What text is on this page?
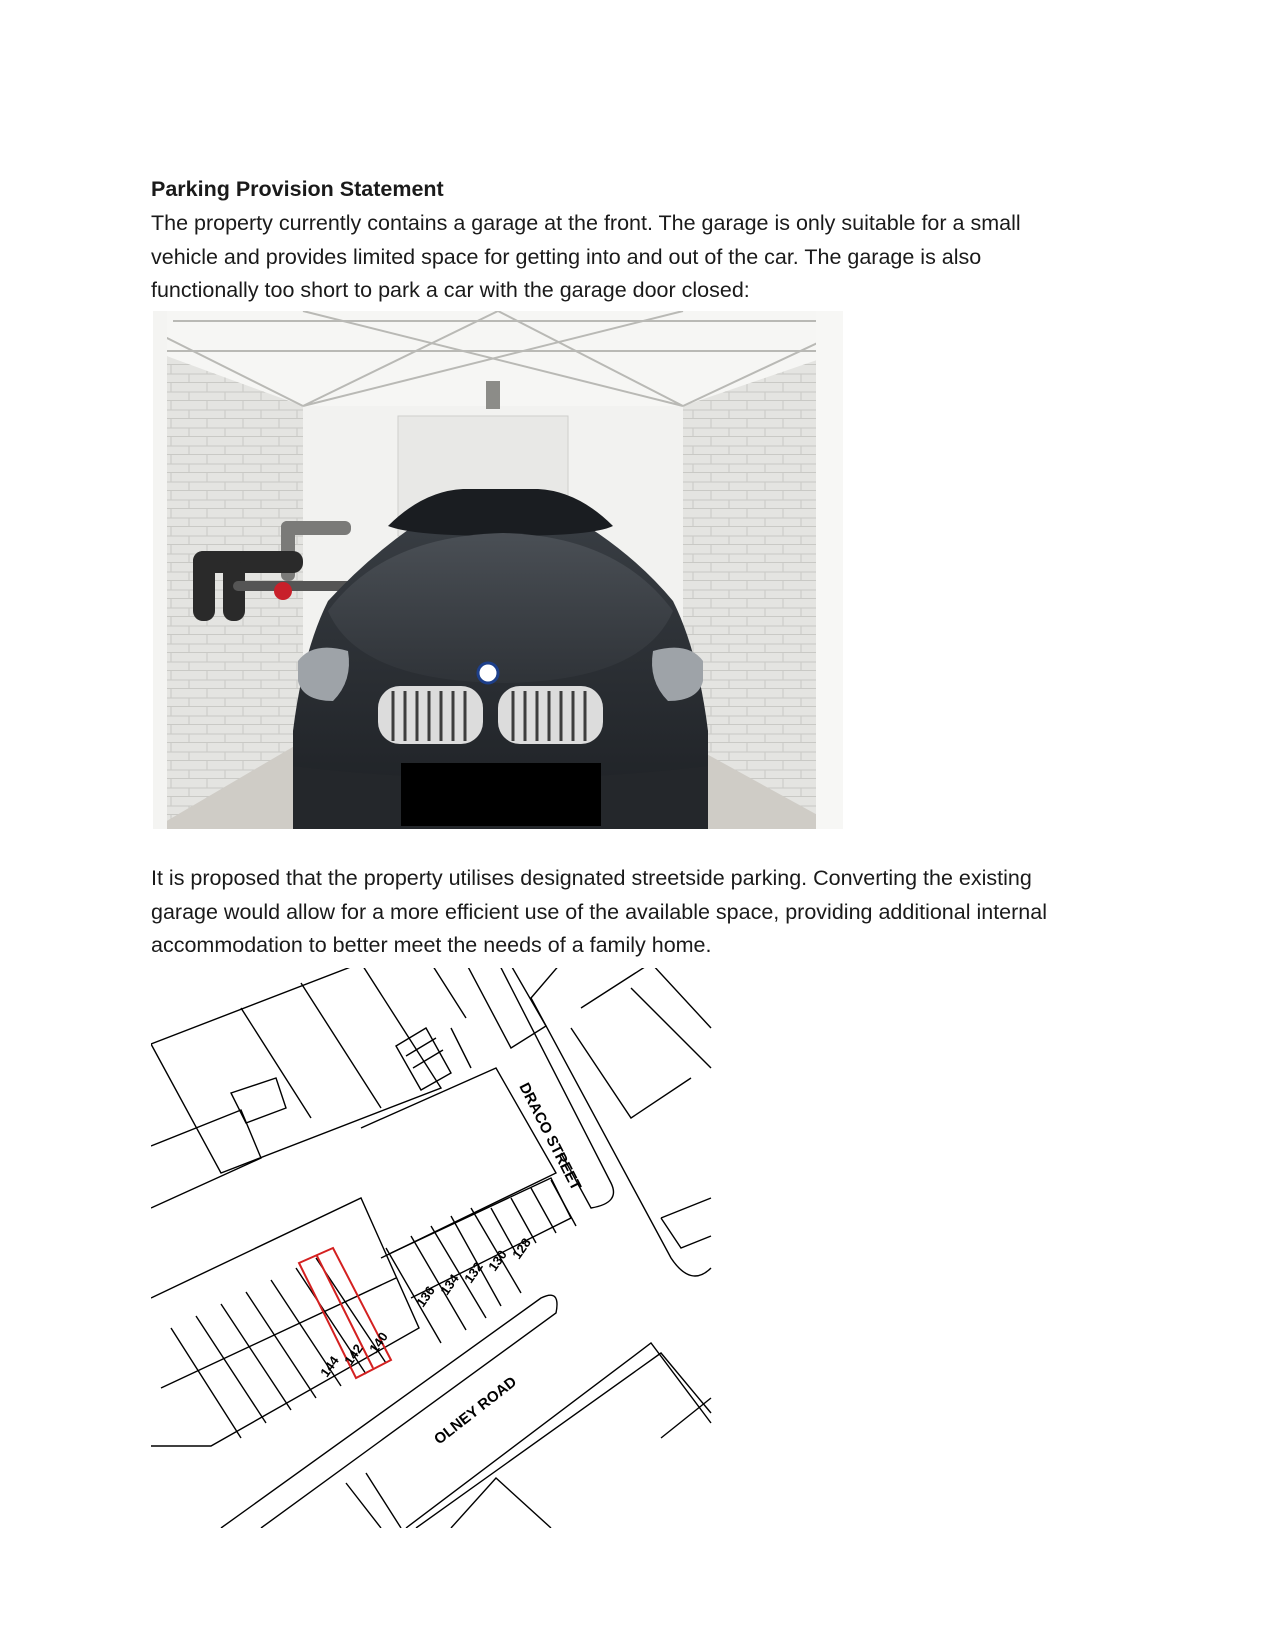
Parking Provision Statement

The property currently contains a garage at the front. The garage is only suitable for a small
vehicle and provides limited space for getting into and out of the car. The garage is also
functionally too short to park a car with the garage door closed:

It is proposed that the property utilises designated streetside parking. Converting the existing
garage would allow for a more efficient use of the available space, providing additional internal
accommodation to better meet the needs of a family home.

DRACO STREET
OLNEY ROAD
144 142 140
136 134 132 130 128
